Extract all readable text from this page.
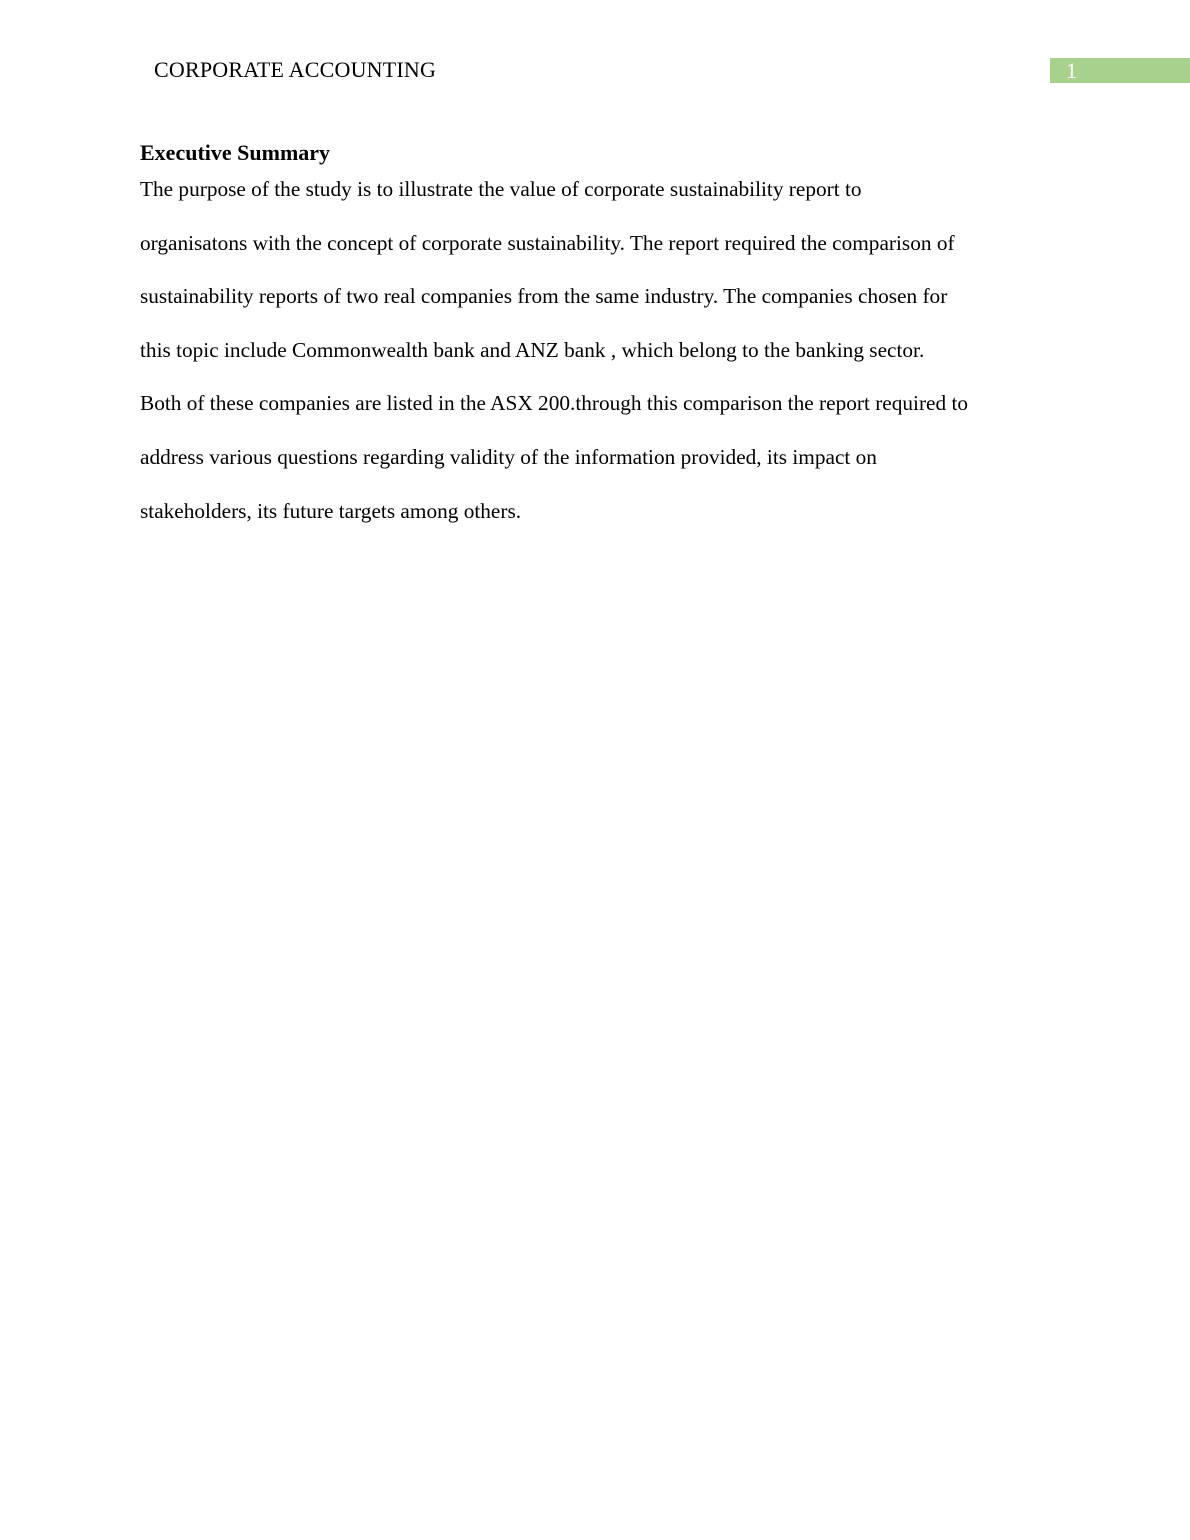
CORPORATE ACCOUNTING	1
Executive Summary

The purpose of the study is to illustrate the value of corporate sustainability report to

organisatons with the concept of corporate sustainability. The report required the comparison of

sustainability reports of two real companies from the same industry. The companies chosen for

this topic include Commonwealth bank and ANZ bank , which belong to the banking sector.

Both of these companies are listed in the ASX 200.through this comparison the report required to

address various questions regarding validity of the information provided, its impact on

stakeholders, its future targets among others.
